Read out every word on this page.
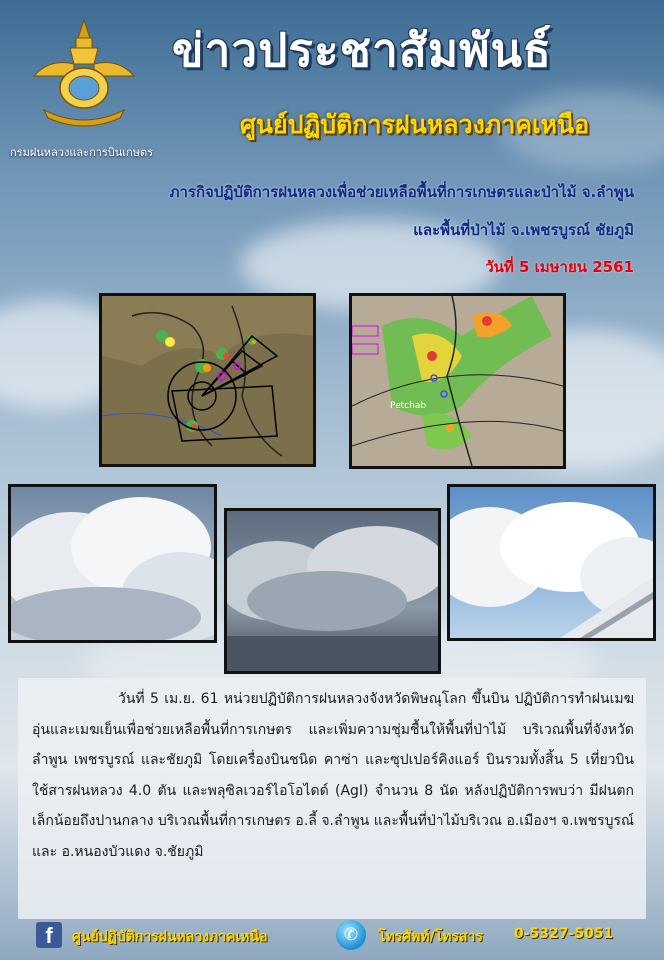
กรมฝนหลวงและการบินเกษตร
ข่าวประชาสัมพันธ์
ศูนย์ปฏิบัติการฝนหลวงภาคเหนือ
ภารกิจปฏิบัติการฝนหลวงเพื่อช่วยเหลือพื้นที่การเกษตรและป่าไม้ จ.ลำพูน
และพื้นที่ป่าไม้ จ.เพชรบูรณ์ ชัยภูมิ
วันที่ 5 เมษายน 2561
Petchab

วันที่ 5 เม.ย. 61 หน่วยปฏิบัติการฝนหลวงจังหวัดพิษณุโลก ขึ้นบิน ปฏิบัติการทำฝนเมฆอุ่นและเมฆเย็นเพื่อช่วยเหลือพื้นที่การเกษตร และเพิ่มความชุ่มชื้นให้พื้นที่ป่าไม้ บริเวณพื้นที่จังหวัดลำพูน เพชรบูรณ์ และชัยภูมิ โดยเครื่องบินชนิด คาซ่า และซุปเปอร์คิงแอร์ บินรวมทั้งสิ้น 5 เที่ยวบิน ใช้สารฝนหลวง 4.0 ตัน และพลุซิลเวอร์ไอโอไดด์ (AgI) จำนวน 8 นัด หลังปฏิบัติการพบว่า มีฝนตกเล็กน้อยถึงปานกลาง บริเวณพื้นที่การเกษตร อ.ลี้ จ.ลำพูน และพื้นที่ป่าไม้บริเวณ อ.เมืองฯ จ.เพชรบูรณ์ และ อ.หนองบัวแดง จ.ชัยภูมิ

f	ศูนย์ปฏิบัติการฝนหลวงภาคเหนือ	✆	โทรศัพท์/โทรสาร 0-5327-5051
